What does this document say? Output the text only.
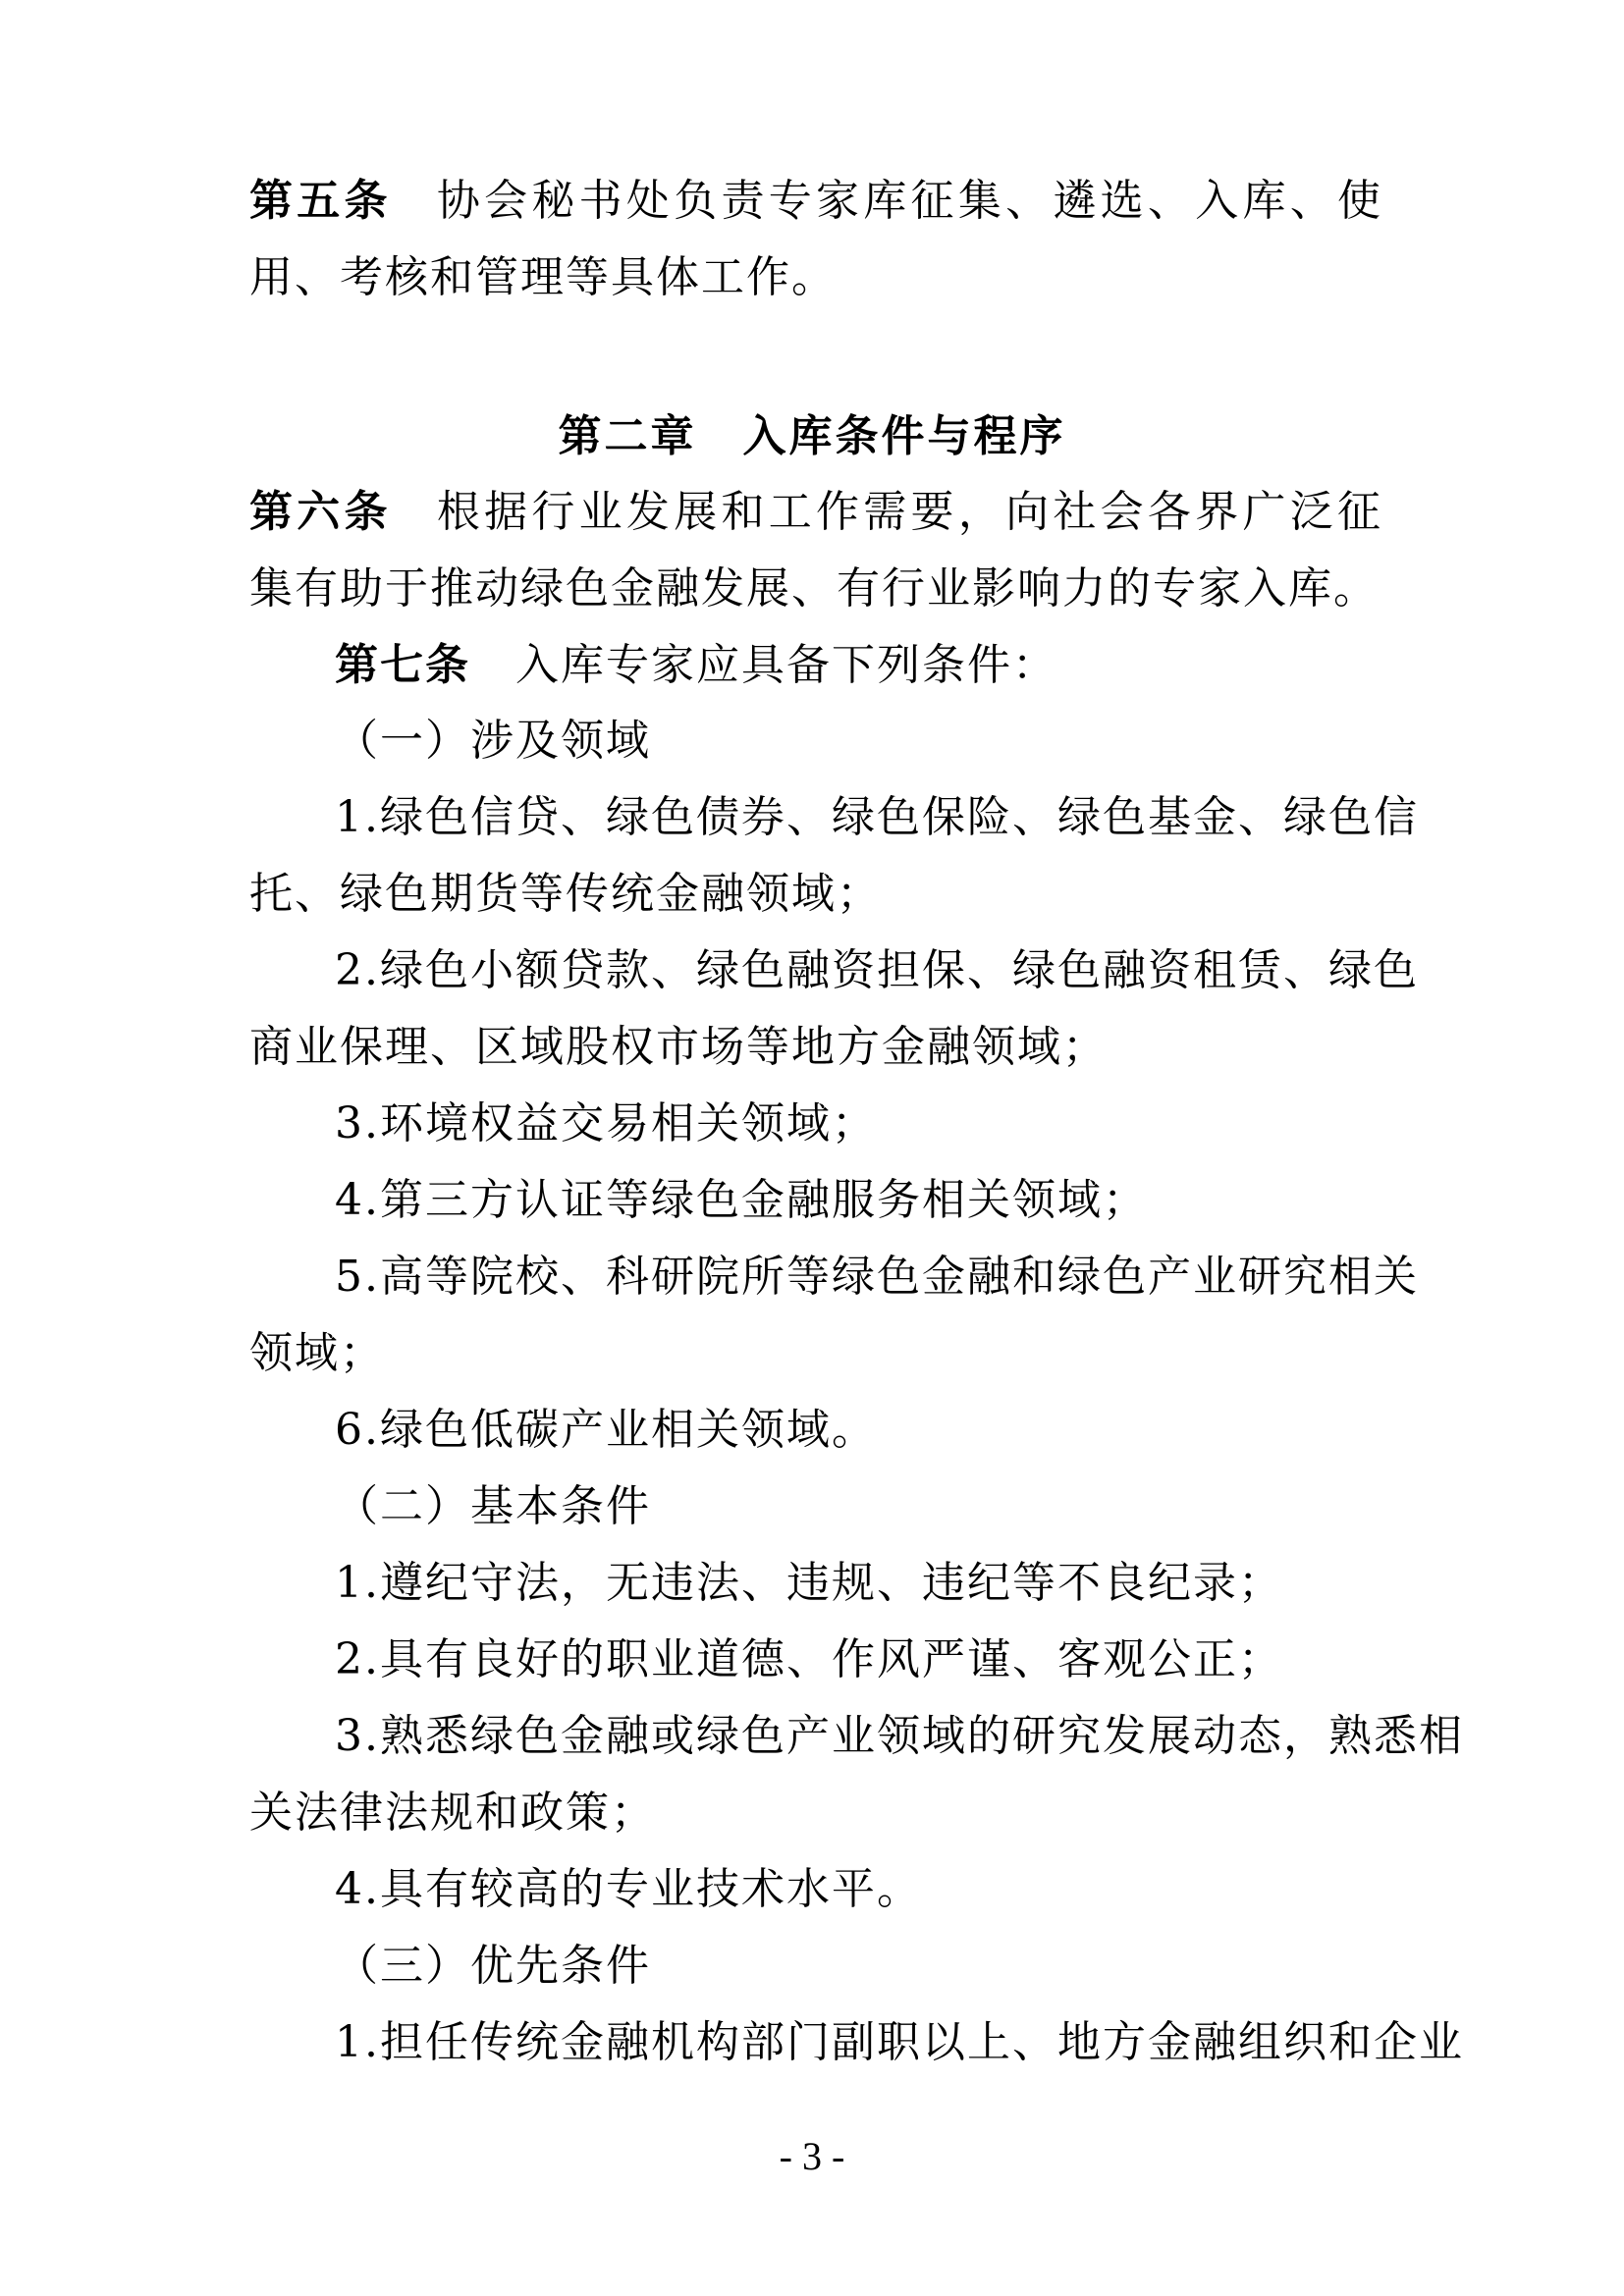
第五条 协会秘书处负责专家库征集、遴选、入库、使
用、考核和管理等具体工作。
第二章　入库条件与程序
第六条 根据行业发展和工作需要，向社会各界广泛征
集有助于推动绿色金融发展、有行业影响力的专家入库。
第七条 入库专家应具备下列条件：
（一）涉及领域
1.绿色信贷、绿色债券、绿色保险、绿色基金、绿色信
托、绿色期货等传统金融领域；
2.绿色小额贷款、绿色融资担保、绿色融资租赁、绿色
商业保理、区域股权市场等地方金融领域；
3.环境权益交易相关领域；
4.第三方认证等绿色金融服务相关领域；
5.高等院校、科研院所等绿色金融和绿色产业研究相关
领域；
6.绿色低碳产业相关领域。
（二）基本条件
1.遵纪守法，无违法、违规、违纪等不良纪录；
2.具有良好的职业道德、作风严谨、客观公正；
3.熟悉绿色金融或绿色产业领域的研究发展动态，熟悉相
关法律法规和政策；
4.具有较高的专业技术水平。
（三）优先条件
1.担任传统金融机构部门副职以上、地方金融组织和企业
- 3 -
